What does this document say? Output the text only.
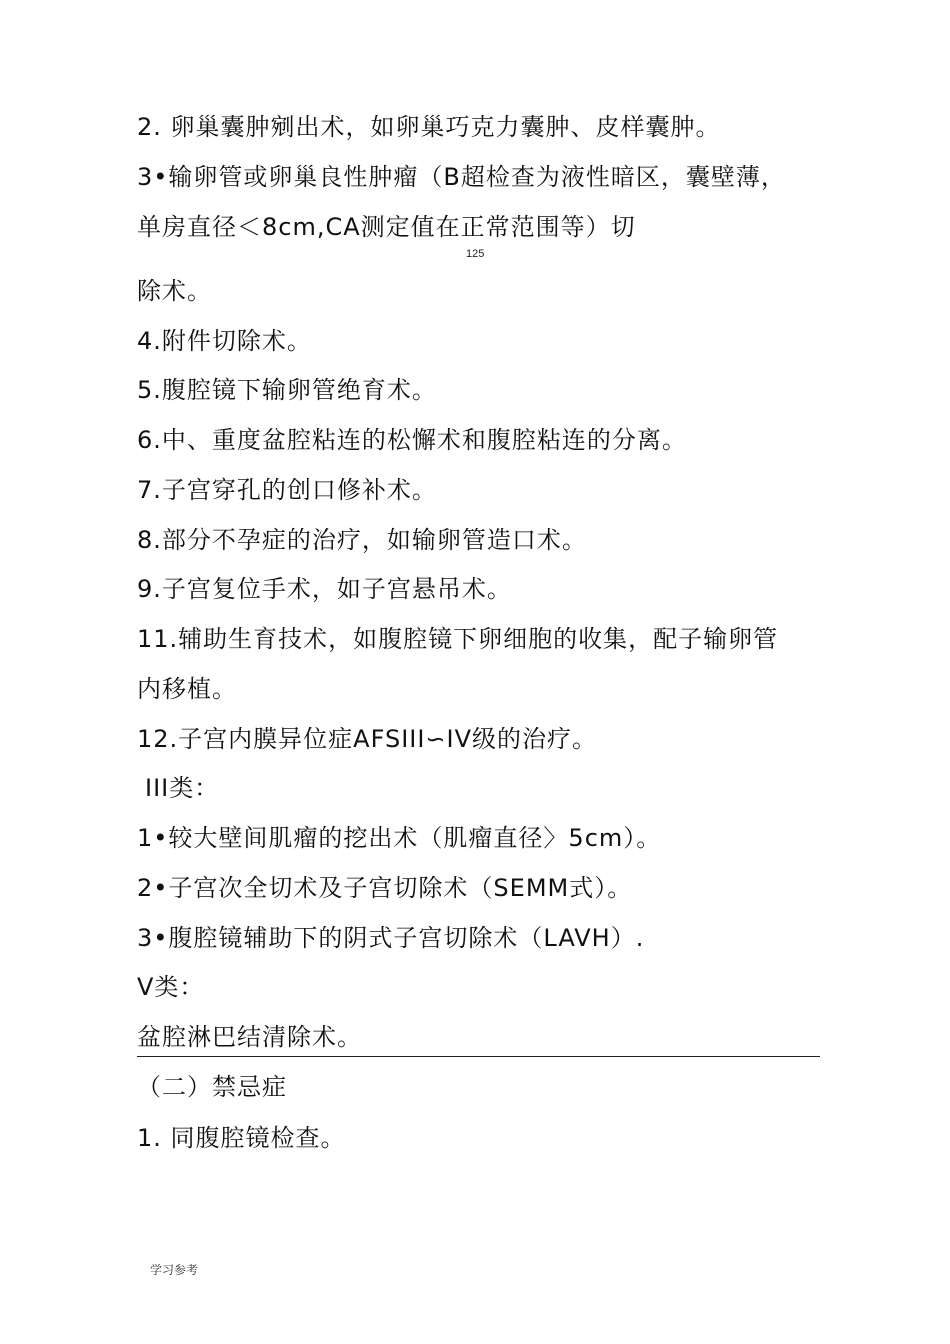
2. 卵巢囊肿剜出术，如卵巢巧克力囊肿、皮样囊肿。
3•输卵管或卵巢良性肿瘤（B超检查为液性暗区，囊壁薄，
单房直径＜8cm,CA测定值在正常范围等）切
125
除术。
4.附件切除术。
5.腹腔镜下输卵管绝育术。
6.中、重度盆腔粘连的松懈术和腹腔粘连的分离。
7.子宫穿孔的创口修补术。
8.部分不孕症的治疗，如输卵管造口术。
9.子宫复位手术，如子宫悬吊术。
11.辅助生育技术，如腹腔镜下卵细胞的收集，配子输卵管
内移植。
12.子宫内膜异位症AFSIII∽IV级的治疗。
III类：
1•较大壁间肌瘤的挖出术（肌瘤直径〉5cm）。
2•子宫次全切术及子宫切除术（SEMM式）。
3•腹腔镜辅助下的阴式子宫切除术（LAVH）.
V类：
盆腔淋巴结清除术。
（二）禁忌症
1. 同腹腔镜检查。
学习参考
